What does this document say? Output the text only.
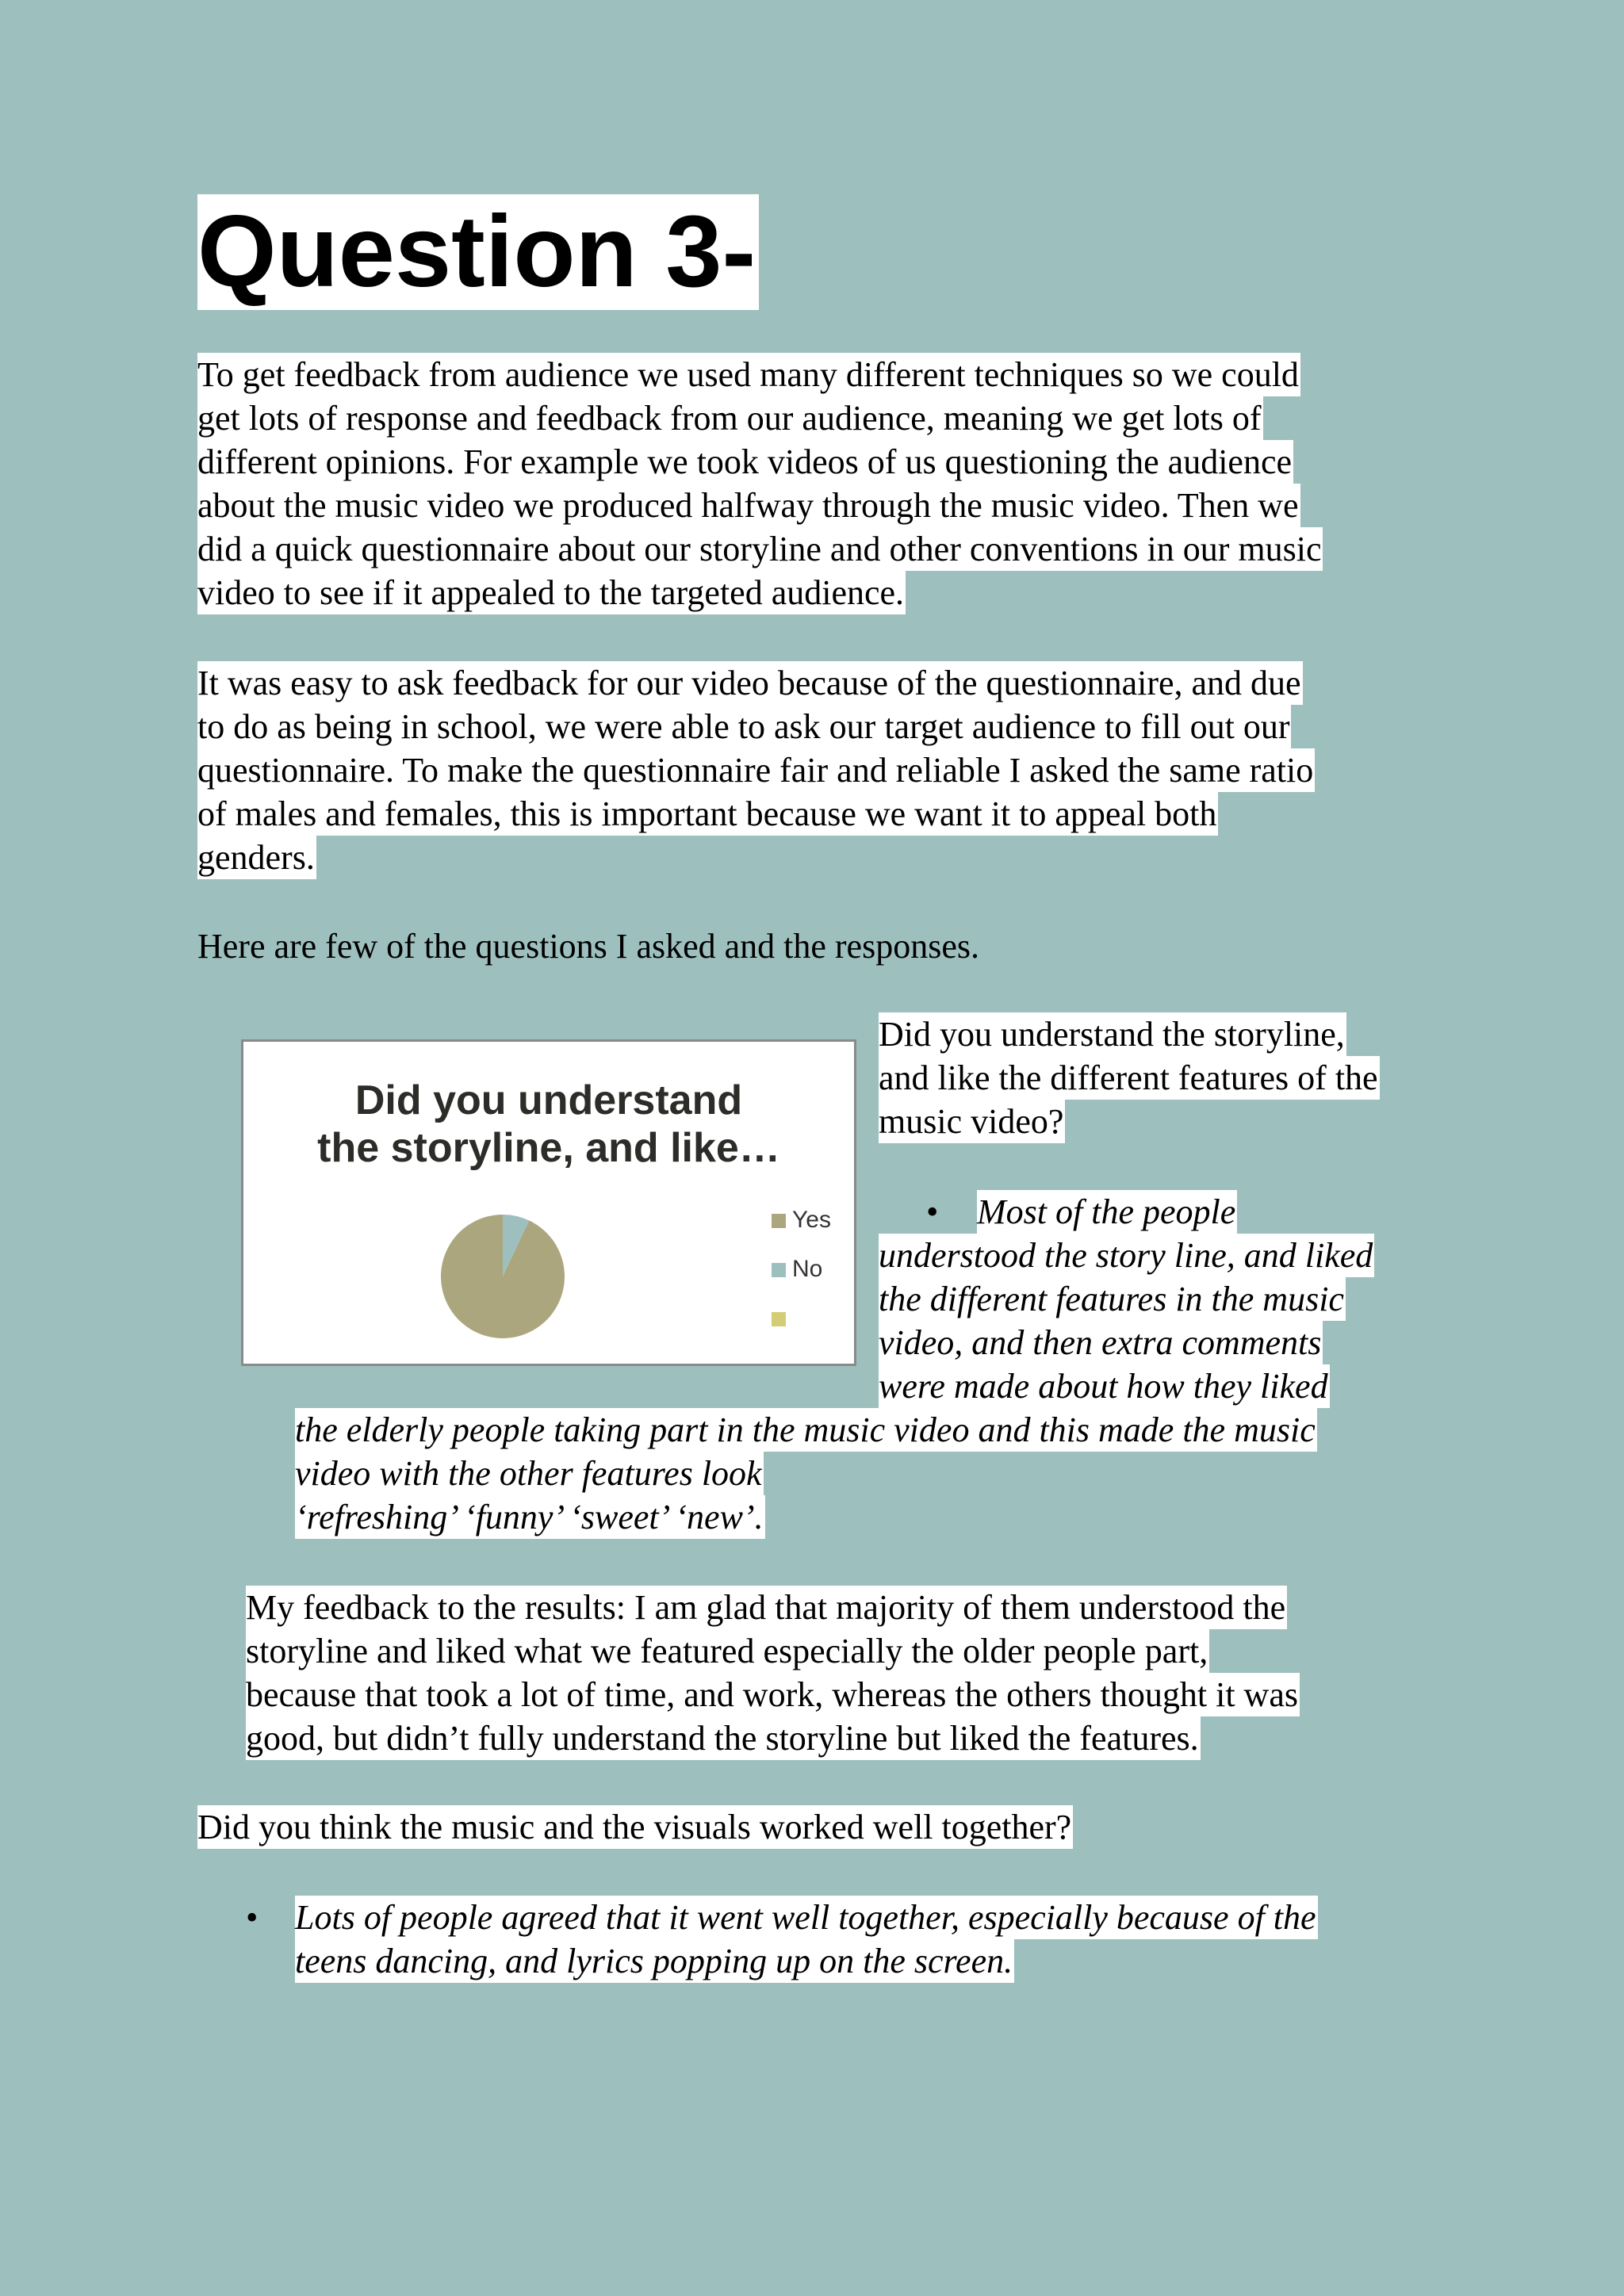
Question 3-
To get feedback from audience we used many different techniques so we could
get lots of response and feedback from our audience, meaning we get lots of
different opinions. For example we took videos of us questioning the audience
about the music video we produced halfway through the music video. Then we
did a quick questionnaire about our storyline and other conventions in our music
video to see if it appealed to the targeted audience.
It was easy to ask feedback for our video because of the questionnaire, and due
to do as being in school, we were able to ask our target audience to fill out our
questionnaire. To make the questionnaire fair and reliable I asked the same ratio
of males and females, this is important because we want it to appeal both
genders.
Here are few of the questions I asked and the responses.
Did you understand
the storyline, and like…
Yes
No
Did you understand the storyline,
and like the different features of the
music video?
• Most of the people
understood the story line, and liked
the different features in the music
video, and then extra comments
were made about how they liked
the elderly people taking part in the music video and this made the music
video with the other features look
‘refreshing’ ‘funny’ ‘sweet’ ‘new’.
My feedback to the results: I am glad that majority of them understood the
storyline and liked what we featured especially the older people part,
because that took a lot of time, and work, whereas the others thought it was
good, but didn’t fully understand the storyline but liked the features.
Did you think the music and the visuals worked well together?
• Lots of people agreed that it went well together, especially because of the
teens dancing, and lyrics popping up on the screen.
